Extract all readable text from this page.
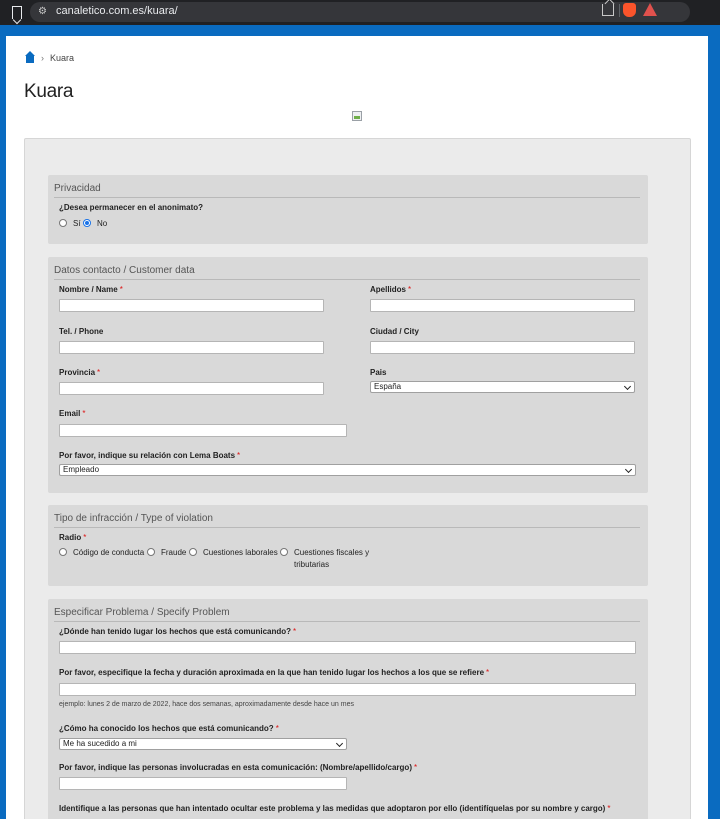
⚙ canaletico.com.es/kuara/
› Kuara
Kuara
Privacidad
¿Desea permanecer en el anonimato?
Sí No
Datos contacto / Customer data
Nombre / Name *	Apellidos *
Tel. / Phone	Ciudad / City
Provincia *	Pais
España
Email *
Por favor, indique su relación con Lema Boats *
Empleado
Tipo de infracción / Type of violation
Radio *
Código de conducta Fraude Cuestiones laborales Cuestiones fiscales y
tributarias
Especificar Problema / Specify Problem
¿Dónde han tenido lugar los hechos que está comunicando? *
Por favor, especifique la fecha y duración aproximada en la que han tenido lugar los hechos a los que se refiere *
ejemplo: lunes 2 de marzo de 2022, hace dos semanas, aproximadamente desde hace un mes
¿Cómo ha conocido los hechos que está comunicando? *
Me ha sucedido a mi
Por favor, indique las personas involucradas en esta comunicación: (Nombre/apellido/cargo) *
Identifique a las personas que han intentado ocultar este problema y las medidas que adoptaron por ello (identifíquelas por su nombre y cargo) *
